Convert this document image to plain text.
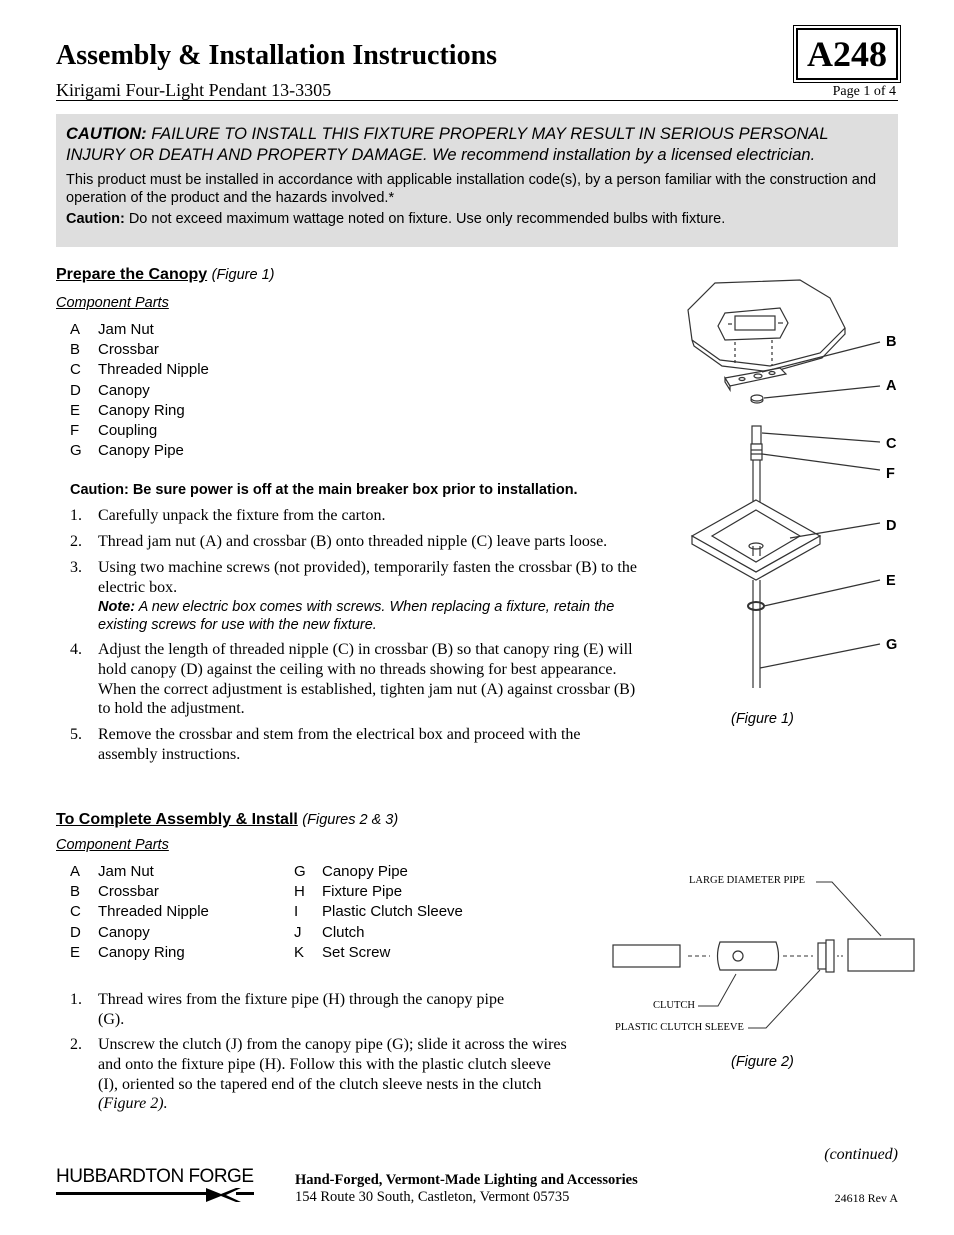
Assembly & Installation Instructions
Kirigami Four-Light Pendant 13-3305	Page 1 of 4
A248
CAUTION: FAILURE TO INSTALL THIS FIXTURE PROPERLY MAY RESULT IN SERIOUS PERSONAL INJURY OR DEATH AND PROPERTY DAMAGE. We recommend installation by a licensed electrician.
This product must be installed in accordance with applicable installation code(s), by a person familiar with the construction and operation of the product and the hazards involved.*
Caution: Do not exceed maximum wattage noted on fixture. Use only recommended bulbs with fixture.
Prepare the Canopy (Figure 1)
Component Parts
A	Jam Nut
B	Crossbar
C	Threaded Nipple
D	Canopy
E	Canopy Ring
F	Coupling
G	Canopy Pipe
Caution: Be sure power is off at the main breaker box prior to installation.
1.	Carefully unpack the fixture from the carton.
2.	Thread jam nut (A) and crossbar (B) onto threaded nipple (C) leave parts loose.
3.	Using two machine screws (not provided), temporarily fasten the crossbar (B) to the electric box.
Note: A new electric box comes with screws. When replacing a fixture, retain the existing screws for use with the new fixture.
4.	Adjust the length of threaded nipple (C) in crossbar (B) so that canopy ring (E) will hold canopy (D) against the ceiling with no threads showing for best appearance. When the correct adjustment is established, tighten jam nut (A) against crossbar (B) to hold the adjustment.
5.	Remove the crossbar and stem from the electrical box and proceed with the assembly instructions.
B
A
C
F
D
E
G
(Figure 1)
To Complete Assembly & Install (Figures 2 & 3)
Component Parts
A	Jam Nut
B	Crossbar
C	Threaded Nipple
D	Canopy
E	Canopy Ring
G	Canopy Pipe
H	Fixture Pipe
I	Plastic Clutch Sleeve
J	Clutch
K	Set Screw
1.	Thread wires from the fixture pipe (H) through the canopy pipe (G).
2.	Unscrew the clutch (J) from the canopy pipe (G); slide it across the wires and onto the fixture pipe (H). Follow this with the plastic clutch sleeve (I), oriented so the tapered end of the clutch sleeve nests in the clutch (Figure 2).
LARGE DIAMETER PIPE
CLUTCH
PLASTIC CLUTCH SLEEVE
(Figure 2)
(continued)
HUBBARDTON FORGE	Hand-Forged, Vermont-Made Lighting and Accessories
154 Route 30 South, Castleton, Vermont 05735	24618 Rev A
